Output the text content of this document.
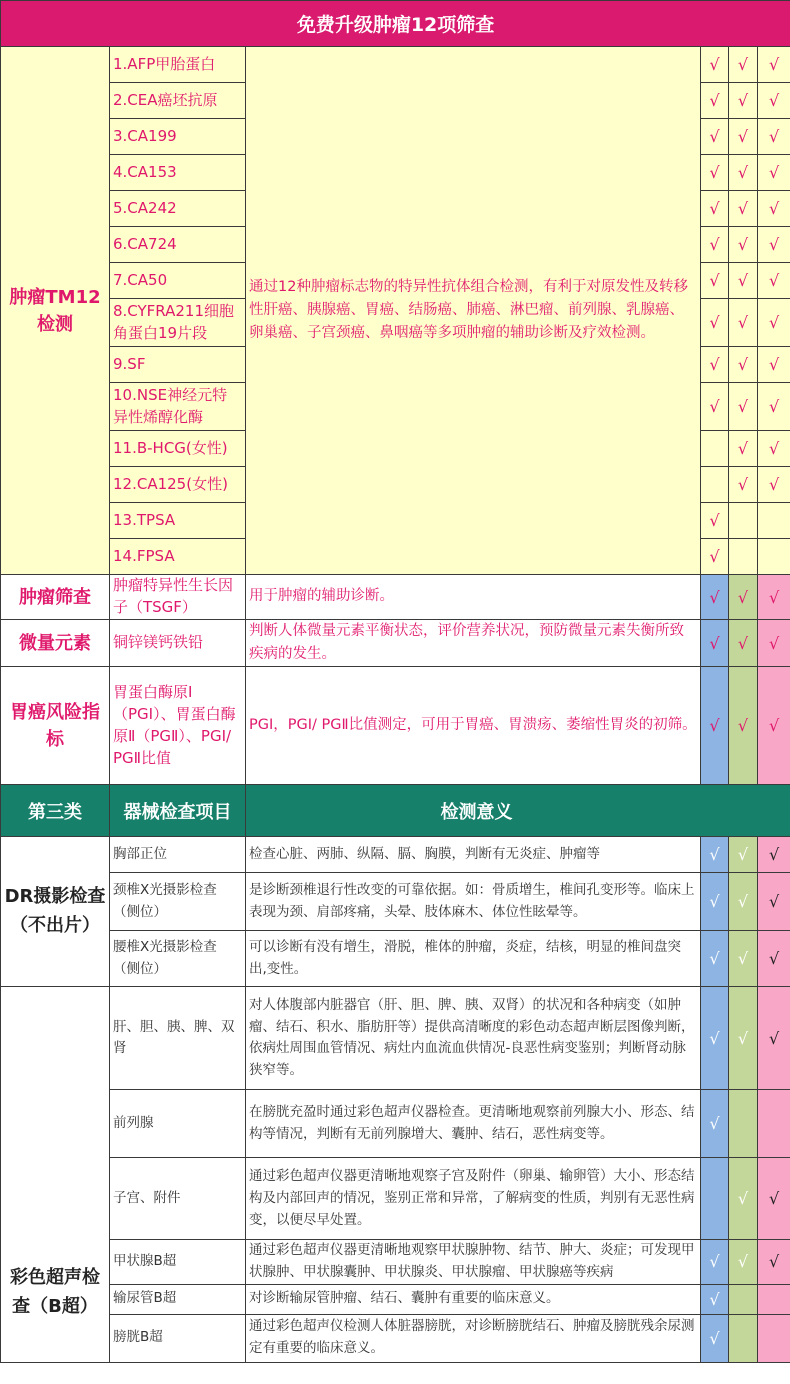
免费升级肿瘤12项筛查					
肿瘤TM12检测	1.AFP甲胎蛋白	通过12种肿瘤标志物的特异性抗体组合检测，有利于对原发性及转移性肝癌、胰腺癌、胃癌、结肠癌、肺癌、淋巴瘤、前列腺、乳腺癌、卵巢癌、子宫颈癌、鼻咽癌等多项肿瘤的辅助诊断及疗效检测。	√	√	√
	2.CEA癌坯抗原		√	√	√
	3.CA199		√	√	√
	4.CA153		√	√	√
	5.CA242		√	√	√
	6.CA724		√	√	√
	7.CA50		√	√	√
	8.CYFRA211细胞角蛋白19片段		√	√	√
	9.SF		√	√	√
	10.NSE神经元特异性烯醇化酶		√	√	√
	11.B-HCG(女性)			√	√
	12.CA125(女性)			√	√
	13.TPSA		√		
	14.FPSA		√		
肿瘤筛查	肿瘤特异性生长因子（TSGF）	用于肿瘤的辅助诊断。	√	√	√
微量元素	铜锌镁钙铁铅	判断人体微量元素平衡状态，评价营养状况，预防微量元素失衡所致疾病的发生。	√	√	√
胃癌风险指标	胃蛋白酶原Ⅰ（PGⅠ）、胃蛋白酶原Ⅱ（PGⅡ）、PGⅠ/ PGⅡ比值	PGⅠ，PGⅠ/ PGⅡ比值测定，可用于胃癌、胃溃疡、萎缩性胃炎的初筛。	√	√	√
第三类	器械检查项目	检测意义			
DR摄影检查（不出片）	胸部正位	检查心脏、两肺、纵隔、膈、胸膜，判断有无炎症、肿瘤等	√	√	√
	颈椎X光摄影检查（侧位）	是诊断颈椎退行性改变的可靠依据。如：骨质增生，椎间孔变形等。临床上表现为颈、肩部疼痛，头晕、肢体麻木、体位性眩晕等。	√	√	√
	腰椎X光摄影检查（侧位）	可以诊断有没有增生，滑脱，椎体的肿瘤，炎症，结核，明显的椎间盘突出,变性。	√	√	√
彩色超声检查（B超）	肝、胆、胰、脾、双肾	对人体腹部内脏器官（肝、胆、脾、胰、双肾）的状况和各种病变（如肿瘤、结石、积水、脂肪肝等）提供高清晰度的彩色动态超声断层图像判断，依病灶周围血管情况、病灶内血流血供情况-良恶性病变鉴别；判断肾动脉狭窄等。	√	√	√
	前列腺	在膀胱充盈时通过彩色超声仪器检查。更清晰地观察前列腺大小、形态、结构等情况，判断有无前列腺增大、囊肿、结石，恶性病变等。	√		
	子宫、附件	通过彩色超声仪器更清晰地观察子宫及附件（卵巢、输卵管）大小、形态结构及内部回声的情况，鉴别正常和异常，了解病变的性质，判别有无恶性病变，以便尽早处置。		√	√
	甲状腺B超	通过彩色超声仪器更清晰地观察甲状腺肿物、结节、肿大、炎症；可发现甲状腺肿、甲状腺囊肿、甲状腺炎、甲状腺瘤、甲状腺癌等疾病	√	√	√
	输尿管B超	对诊断输尿管肿瘤、结石、囊肿有重要的临床意义。	√		
	膀胱B超	通过彩色超声仪检测人体脏器膀胱，对诊断膀胱结石、肿瘤及膀胱残余尿测定有重要的临床意义。	√		
